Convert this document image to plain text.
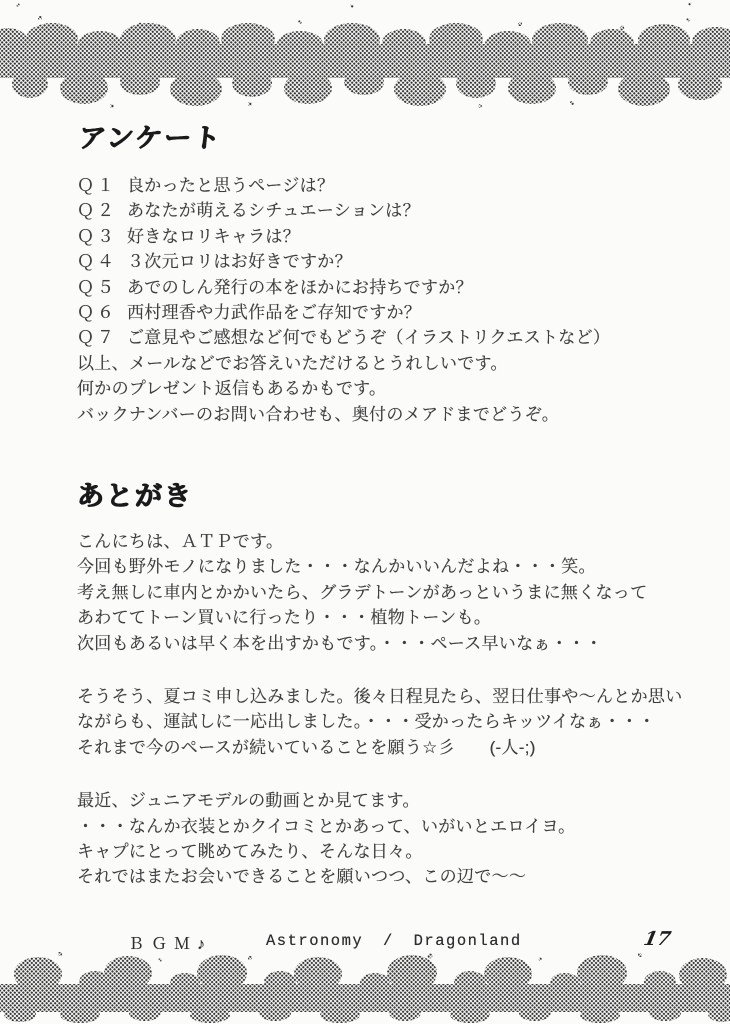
アンケート
Ｑ１ 良かったと思うページは？
Ｑ２ あなたが萌えるシチュエーションは？
Ｑ３ 好きなロリキャラは？
Ｑ４ ３次元ロリはお好きですか？
Ｑ５ あでのしん発行の本をほかにお持ちですか？
Ｑ６ 西村理香や力武作品をご存知ですか？
Ｑ７ ご意見やご感想など何でもどうぞ（イラストリクエストなど）
以上、メールなどでお答えいただけるとうれしいです。
何かのプレゼント返信もあるかもです。
バックナンバーのお問い合わせも、奥付のメアドまでどうぞ。
あとがき
こんにちは、ＡＴＰです。
今回も野外モノになりました・・・なんかいいんだよね・・・笑。
考え無しに車内とかかいたら、グラデトーンがあっというまに無くなって
あわててトーン買いに行ったり・・・植物トーンも。
次回もあるいは早く本を出すかもです。・・・ペース早いなぁ・・・
そうそう、夏コミ申し込みました。後々日程見たら、翌日仕事や～んとか思い
ながらも、運試しに一応出しました。・・・受かったらキッツイなぁ・・・
それまで今のペースが続いていることを願う☆彡　　(-人-;)
最近、ジュニアモデルの動画とか見てます。
・・・なんか衣装とかクイコミとかあって、いがいとエロイヨ。
キャプにとって眺めてみたり、そんな日々。
それではまたお会いできることを願いつつ、この辺で～～
ＢＧＭ♪	Astronomy / Dragonland	17
